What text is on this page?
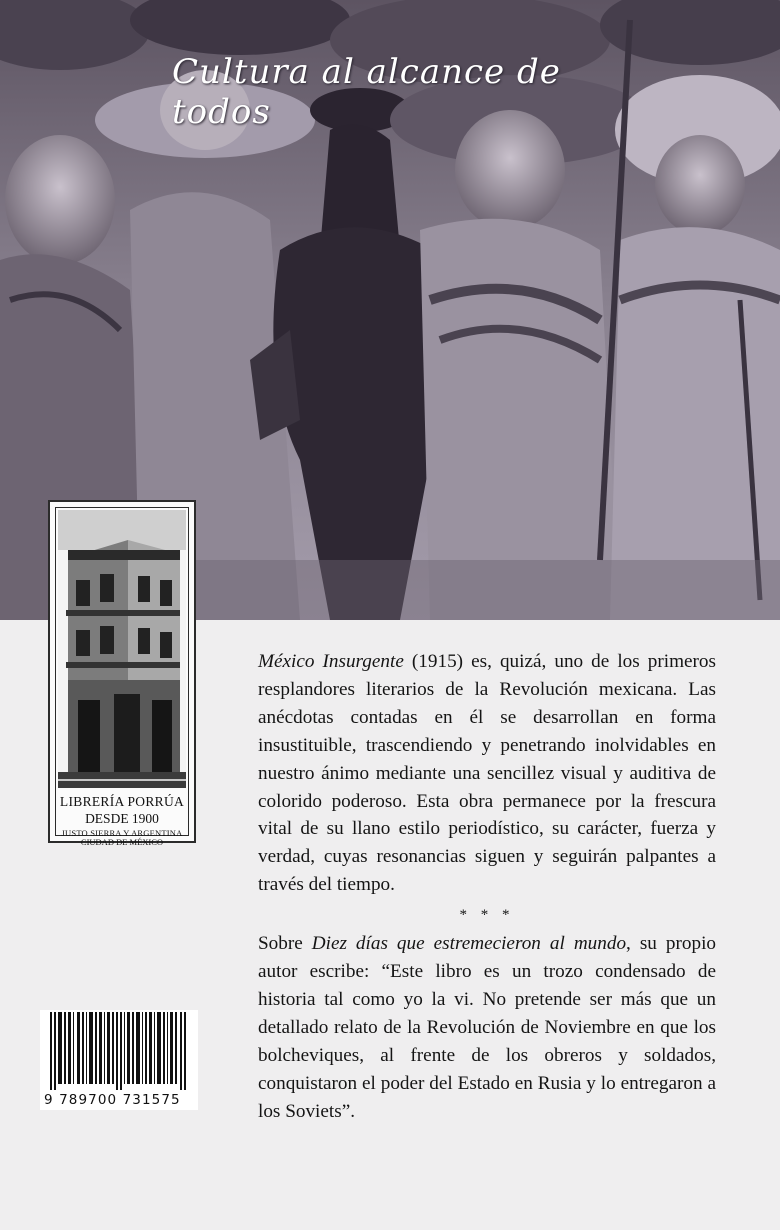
Cultura al alcance de todos
LIBRERÍA PORRÚA
DESDE 1900
JUSTO SIERRA Y ARGENTINA
CIUDAD DE MÉXICO

México Insurgente (1915) es, quizá, uno de los primeros resplandores literarios de la Revolución mexicana. Las anécdotas contadas en él se desarrollan en forma insustituible, trascendiendo y penetrando inolvidables en nuestro ánimo mediante una sencillez visual y auditiva de colorido poderoso. Esta obra permanece por la frescura vital de su llano estilo periodístico, su carácter, fuerza y verdad, cuyas resonancias siguen y seguirán palpantes a través del tiempo.

* * *

Sobre Diez días que estremecieron al mundo, su propio autor escribe: “Este libro es un trozo condensado de historia tal como yo la vi. No pretende ser más que un detallado relato de la Revolución de Noviembre en que los bolcheviques, al frente de los obreros y soldados, conquistaron el poder del Estado en Rusia y lo entregaron a los Soviets”.

9 789700 731575
